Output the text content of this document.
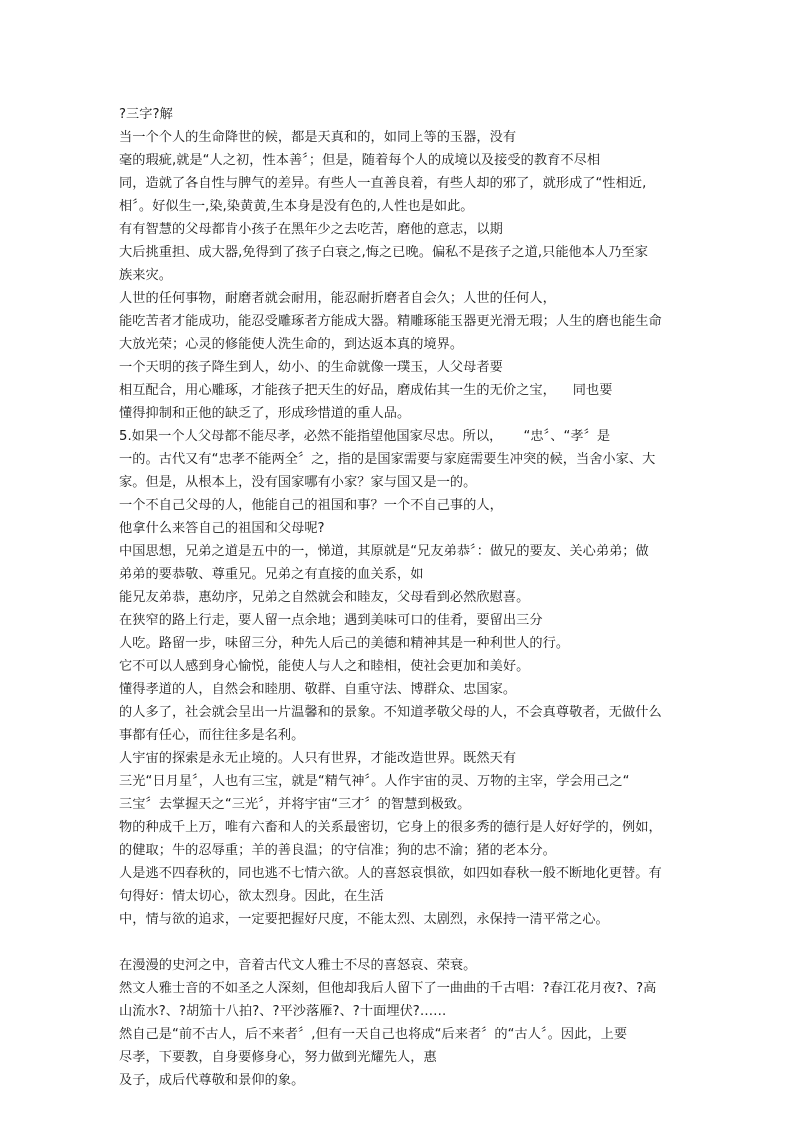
?三字?解
当一个个人的生命降世的候，都是天真和的，如同上等的玉器，没有
毫的瑕疵,就是“人之初，性本善〞；但是，随着每个人的成境以及接受的教育不尽相
同，造就了各自性与脾气的差异。有些人一直善良着，有些人却的邪了，就形成了“性相近,
相〞。好似生一,染,染黄黄,生本身是没有色的,人性也是如此。
有有智慧的父母都肯小孩子在黑年少之去吃苦，磨他的意志，以期
大后挑重担、成大器,免得到了孩子白衰之,悔之已晚。偏私不是孩子之道,只能他本人乃至家
族来灾。
人世的任何事物，耐磨者就会耐用，能忍耐折磨者自会久；人世的任何人，
能吃苦者才能成功，能忍受雕琢者方能成大器。精雕琢能玉器更光滑无瑕；人生的磨也能生命
大放光荣；心灵的修能使人洗生命的，到达返本真的境界。
一个天明的孩子降生到人，幼小、的生命就像一璞玉，人父母者要
相互配合，用心雕琢，才能孩子把天生的好品，磨成佑其一生的无价之宝，    同也要
懂得抑制和正他的缺乏了，形成珍惜道的重人品。
5.如果一个人父母都不能尽孝，必然不能指望他国家尽忠。所以，     “忠〞、“孝〞是
一的。古代又有“忠孝不能两全〞之，指的是国家需要与家庭需要生冲突的候，当舍小家、大
家。但是，从根本上，没有国家哪有小家？家与国又是一的。
一个不自己父母的人，他能自己的祖国和事？一个不自己事的人，
他拿什么来答自己的祖国和父母呢?
中国思想，兄弟之道是五中的一，悌道，其原就是“兄友弟恭〞：做兄的要友、关心弟弟；做
弟弟的要恭敬、尊重兄。兄弟之有直接的血关系，如
能兄友弟恭，惠幼序，兄弟之自然就会和睦友，父母看到必然欣慰喜。
在狭窄的路上行走，要人留一点余地；遇到美味可口的佳肴，要留出三分
人吃。路留一步，味留三分，种先人后己的美德和精神其是一种利世人的行。
它不可以人感到身心愉悦，能使人与人之和睦相，使社会更加和美好。
懂得孝道的人，自然会和睦朋、敬群、自重守法、博群众、忠国家。
的人多了，社会就会呈出一片温馨和的景象。不知道孝敬父母的人，不会真尊敬者，无做什么
事都有任心，而往往多是名利。
人宇宙的探索是永无止境的。人只有世界，才能改造世界。既然天有
三光“日月星〞，人也有三宝，就是“精气神〞。人作宇宙的灵、万物的主宰，学会用己之“
三宝〞去掌握天之“三光〞，并将宇宙“三才〞的智慧到极致。
物的种成千上万，唯有六畜和人的关系最密切，它身上的很多秀的德行是人好好学的，例如，
的健取；牛的忍辱重；羊的善良温；的守信准；狗的忠不渝；猪的老本分。
人是逃不四春秋的，同也逃不七情六欲。人的喜怒哀惧欲，如四如春秋一般不断地化更替。有
句得好：情太切心，欲太烈身。因此，在生活
中，情与欲的追求，一定要把握好尺度，不能太烈、太剧烈，永保持一清平常之心。
在漫漫的史河之中，音着古代文人雅士不尽的喜怒哀、荣衰。
然文人雅士音的不如圣之人深刻，但他却我后人留下了一曲曲的千古唱：?春江花月夜?、?高
山流水?、?胡笳十八拍?、?平沙落雁?、?十面埋伏?……
然自己是“前不古人，后不来者〞,但有一天自己也将成“后来者〞的“古人〞。因此，上要
尽孝，下要教，自身要修身心，努力做到光耀先人，惠
及子，成后代尊敬和景仰的象。
